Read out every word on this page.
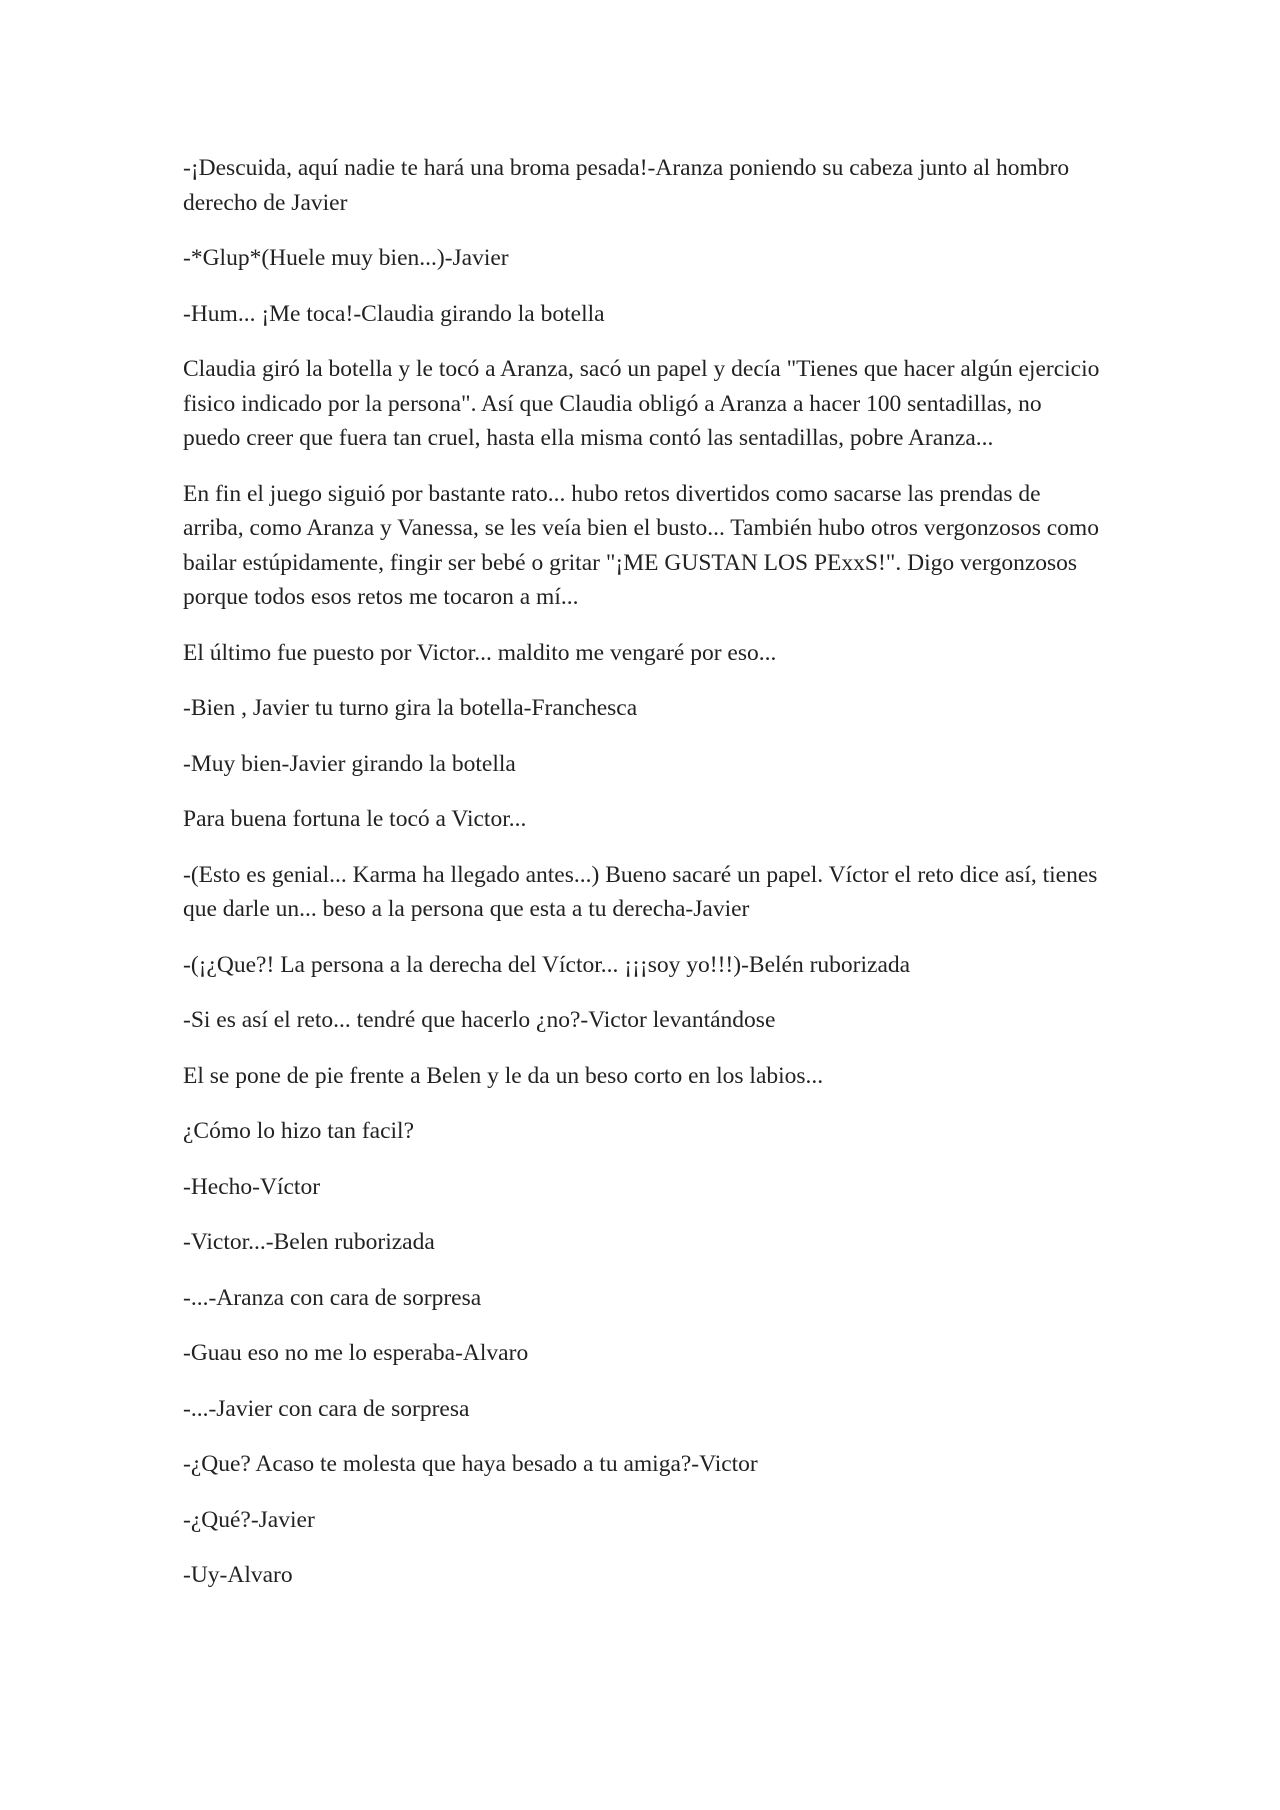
-¡Descuida, aquí nadie te hará una broma pesada!-Aranza poniendo su cabeza junto al hombro derecho de Javier

-*Glup*(Huele muy bien...)-Javier

-Hum... ¡Me toca!-Claudia girando la botella

Claudia giró la botella y le tocó a Aranza, sacó un papel y decía "Tienes que hacer algún ejercicio fisico indicado por la persona". Así que Claudia obligó a Aranza a hacer 100 sentadillas, no puedo creer que fuera tan cruel, hasta ella misma contó las sentadillas, pobre Aranza...

En fin el juego siguió por bastante rato... hubo retos divertidos como sacarse las prendas de arriba, como Aranza y Vanessa, se les veía bien el busto... También hubo otros vergonzosos como bailar estúpidamente, fingir ser bebé o gritar "¡ME GUSTAN LOS PExxS!". Digo vergonzosos porque todos esos retos me tocaron a mí...

El último fue puesto por Victor... maldito me vengaré por eso...

-Bien , Javier tu turno gira la botella-Franchesca

-Muy bien-Javier girando la botella

Para buena fortuna le tocó a Victor...

-(Esto es genial... Karma ha llegado antes...) Bueno sacaré un papel. Víctor el reto dice así, tienes que darle un... beso a la persona que esta a tu derecha-Javier

-(¡¿Que?! La persona a la derecha del Víctor... ¡¡¡soy yo!!!)-Belén ruborizada

-Si es así el reto... tendré que hacerlo ¿no?-Victor levantándose

El se pone de pie frente a Belen y le da un beso corto en los labios...

¿Cómo lo hizo tan facil?

-Hecho-Víctor

-Victor...-Belen ruborizada

-...-Aranza con cara de sorpresa

-Guau eso no me lo esperaba-Alvaro

-...-Javier con cara de sorpresa

-¿Que? Acaso te molesta que haya besado a tu amiga?-Victor

-¿Qué?-Javier

-Uy-Alvaro
